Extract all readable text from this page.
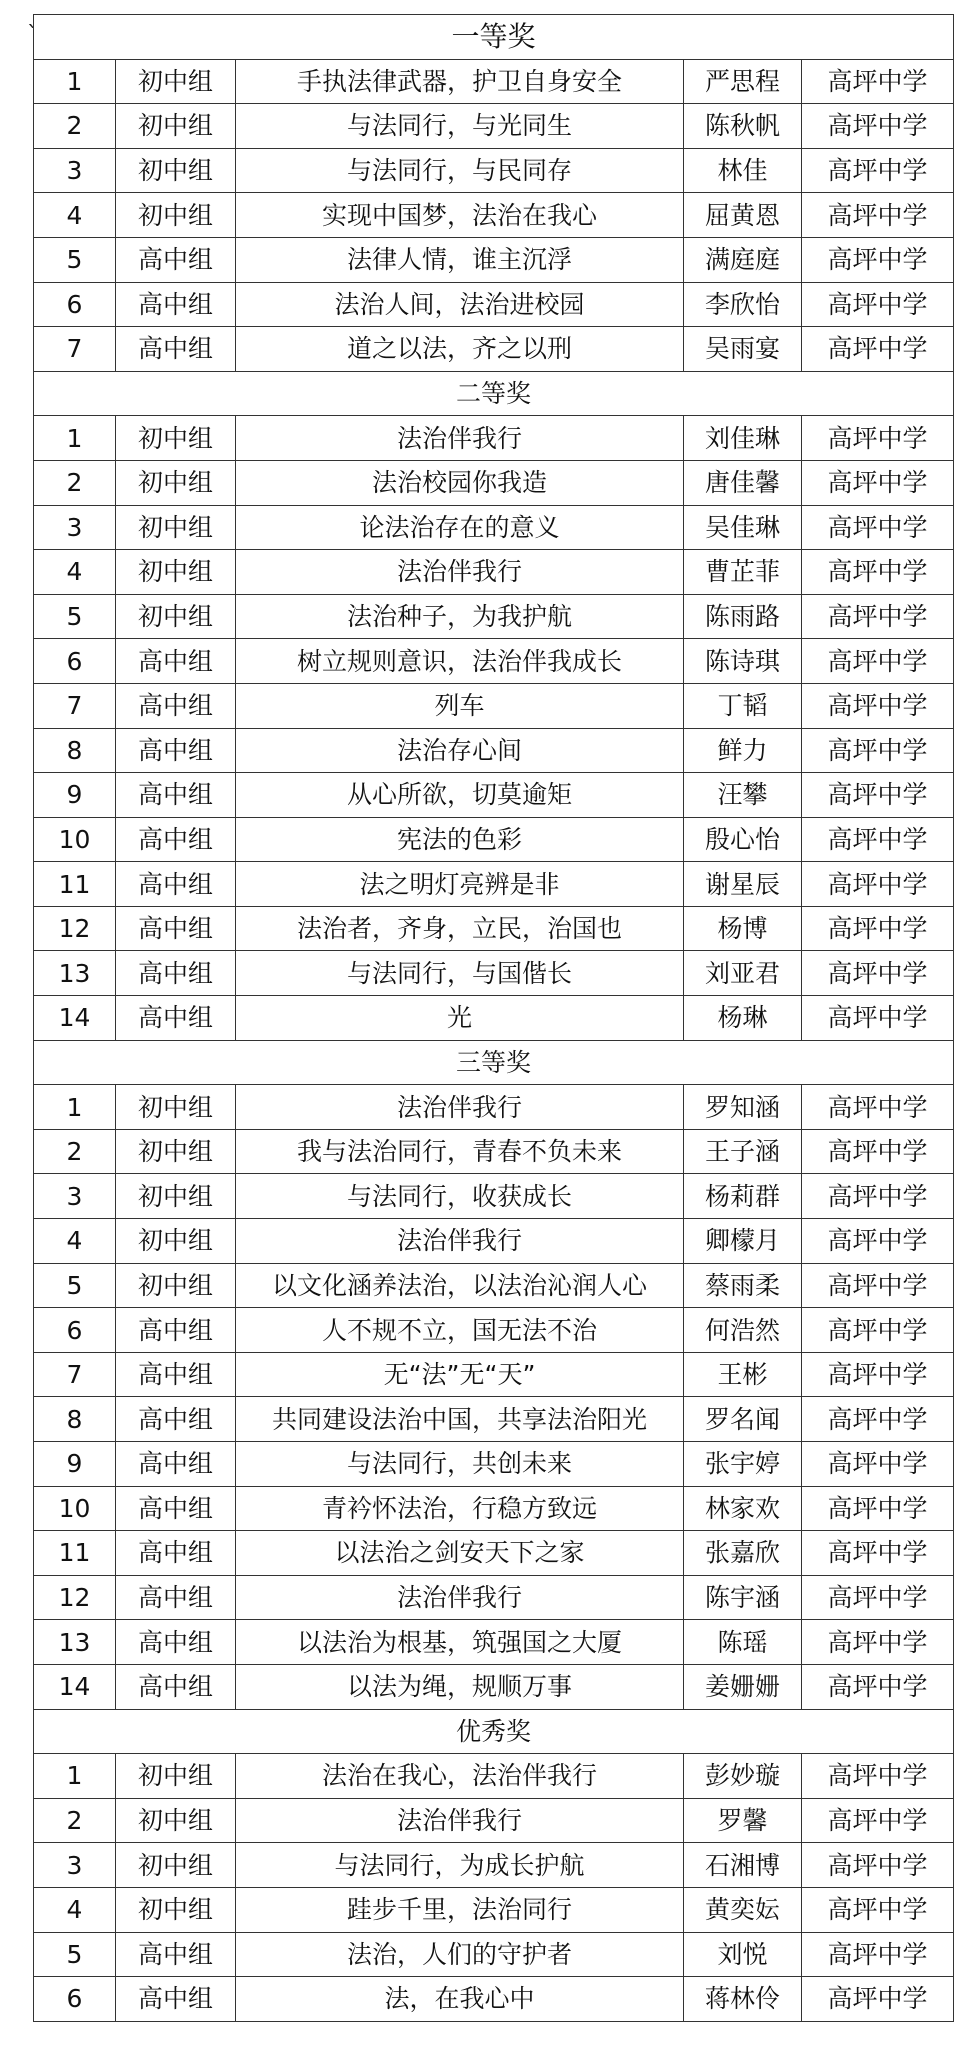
`	一等奖				
1	初中组	手执法律武器，护卫自身安全	严思程	高坪中学
2	初中组	与法同行，与光同生	陈秋帆	高坪中学
3	初中组	与法同行，与民同存	林佳	高坪中学
4	初中组	实现中国梦，法治在我心	屈黄恩	高坪中学
5	高中组	法律人情，谁主沉浮	满庭庭	高坪中学
6	高中组	法治人间，法治进校园	李欣怡	高坪中学
7	高中组	道之以法，齐之以刑	吴雨宴	高坪中学
二等奖				
1	初中组	法治伴我行	刘佳琳	高坪中学
2	初中组	法治校园你我造	唐佳馨	高坪中学
3	初中组	论法治存在的意义	吴佳琳	高坪中学
4	初中组	法治伴我行	曹芷菲	高坪中学
5	初中组	法治种子，为我护航	陈雨路	高坪中学
6	高中组	树立规则意识，法治伴我成长	陈诗琪	高坪中学
7	高中组	列车	丁韬	高坪中学
8	高中组	法治存心间	鲜力	高坪中学
9	高中组	从心所欲，切莫逾矩	汪攀	高坪中学
10	高中组	宪法的色彩	殷心怡	高坪中学
11	高中组	法之明灯亮辨是非	谢星辰	高坪中学
12	高中组	法治者，齐身，立民，治国也	杨博	高坪中学
13	高中组	与法同行，与国偕长	刘亚君	高坪中学
14	高中组	光	杨琳	高坪中学
三等奖				
1	初中组	法治伴我行	罗知涵	高坪中学
2	初中组	我与法治同行，青春不负未来	王子涵	高坪中学
3	初中组	与法同行，收获成长	杨莉群	高坪中学
4	初中组	法治伴我行	卿檬月	高坪中学
5	初中组	以文化涵养法治，以法治沁润人心	蔡雨柔	高坪中学
6	高中组	人不规不立，国无法不治	何浩然	高坪中学
7	高中组	无“法”无“天”	王彬	高坪中学
8	高中组	共同建设法治中国，共享法治阳光	罗名闻	高坪中学
9	高中组	与法同行，共创未来	张宇婷	高坪中学
10	高中组	青衿怀法治，行稳方致远	林家欢	高坪中学
11	高中组	以法治之剑安天下之家	张嘉欣	高坪中学
12	高中组	法治伴我行	陈宇涵	高坪中学
13	高中组	以法治为根基，筑强国之大厦	陈瑶	高坪中学
14	高中组	以法为绳，规顺万事	姜姗姗	高坪中学
优秀奖				
1	初中组	法治在我心，法治伴我行	彭妙璇	高坪中学
2	初中组	法治伴我行	罗馨	高坪中学
3	初中组	与法同行，为成长护航	石湘博	高坪中学
4	初中组	跬步千里，法治同行	黄奕妘	高坪中学
5	高中组	法治，人们的守护者	刘悦	高坪中学
6	高中组	法，在我心中	蒋林伶	高坪中学
